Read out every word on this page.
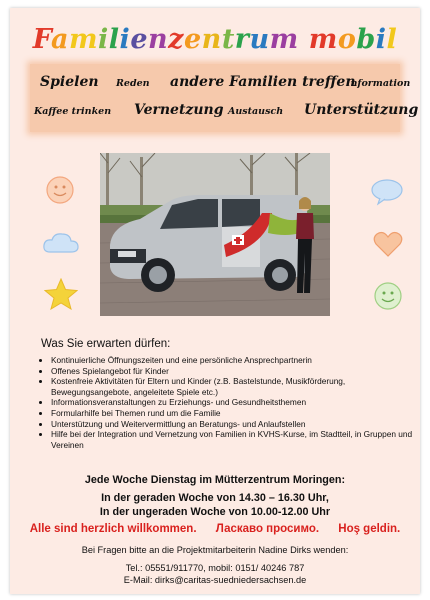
Familienzentrum mobil
Spielen Reden andere Familien treffen
Information
Kaffee trinken Vernetzung Austausch Unterstützung
Was Sie erwarten dürfen:
• Kontinuierliche Öffnungszeiten und eine persönliche Ansprechpartnerin
• Offenes Spielangebot für Kinder
• Kostenfreie Aktivitäten für Eltern und Kinder (z.B. Bastelstunde, Musikförderung, Bewegungsangebote, angeleitete Spiele etc.)
• Informationsveranstaltungen zu Erziehungs- und Gesundheitsthemen
• Formularhilfe bei Themen rund um die Familie
• Unterstützung und Weitervermittlung an Beratungs- und Anlaufstellen
• Hilfe bei der Integration und Vernetzung von Familien in KVHS-Kurse, im Stadtteil, in Gruppen und Vereinen
Jede Woche Dienstag im Mütterzentrum Moringen:
In der geraden Woche von 14.30 – 16.30 Uhr,
In der ungeraden Woche von 10.00-12.00 Uhr
Alle sind herzlich willkommen. Ласкаво просимо. Hoş geldin.
Bei Fragen bitte an die Projektmitarbeiterin Nadine Dirks wenden:
Tel.: 05551/911770, mobil: 0151/ 40246 787
E-Mail: dirks@caritas-suedniedersachsen.de
